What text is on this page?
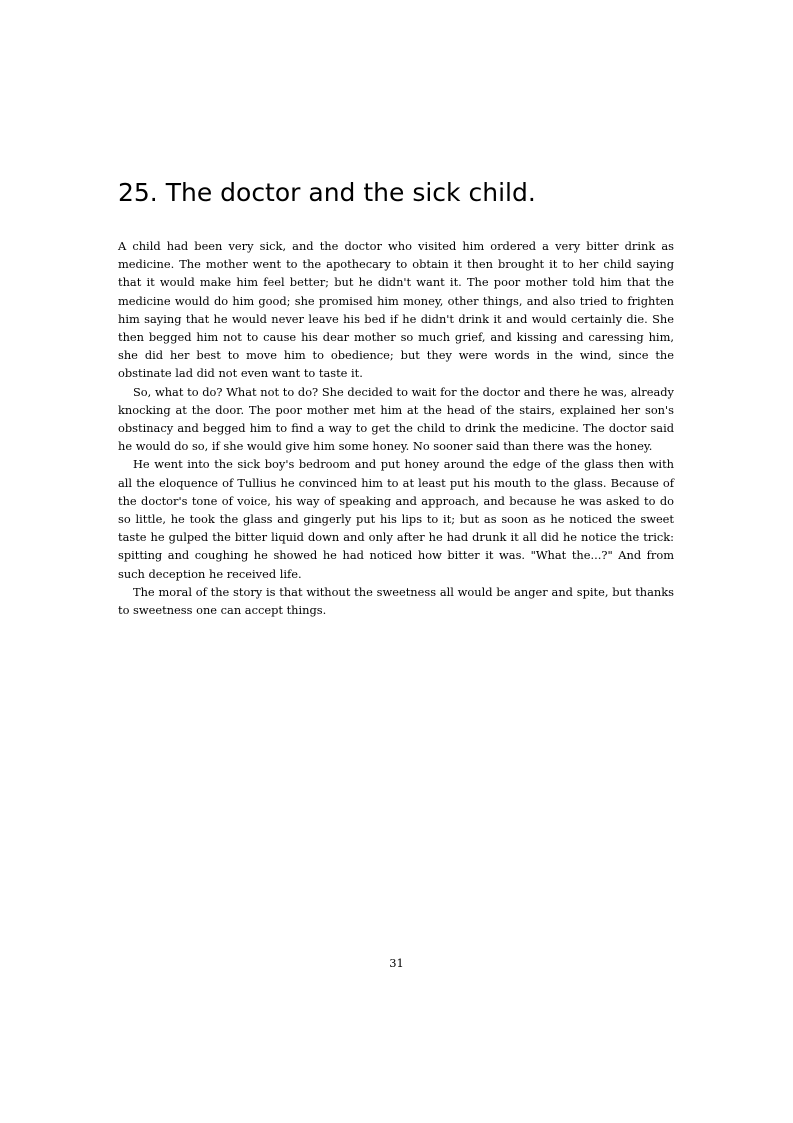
25. The doctor and the sick child.

A child had been very sick, and the doctor who visited him ordered a very bitter drink as medicine. The mother went to the apothecary to obtain it then brought it to her child saying that it would make him feel better; but he didn't want it. The poor mother told him that the medicine would do him good; she promised him money, other things, and also tried to frighten him saying that he would never leave his bed if he didn't drink it and would certainly die. She then begged him not to cause his dear mother so much grief, and kissing and caressing him, she did her best to move him to obedience; but they were words in the wind, since the obstinate lad did not even want to taste it.

So, what to do? What not to do? She decided to wait for the doctor and there he was, already knocking at the door. The poor mother met him at the head of the stairs, explained her son's obstinacy and begged him to find a way to get the child to drink the medicine. The doctor said he would do so, if she would give him some honey. No sooner said than there was the honey.

He went into the sick boy's bedroom and put honey around the edge of the glass then with all the eloquence of Tullius he convinced him to at least put his mouth to the glass. Because of the doctor's tone of voice, his way of speaking and approach, and because he was asked to do so little, he took the glass and gingerly put his lips to it; but as soon as he noticed the sweet taste he gulped the bitter liquid down and only after he had drunk it all did he notice the trick: spitting and coughing he showed he had noticed how bitter it was. "What the...?" And from such deception he received life.

The moral of the story is that without the sweetness all would be anger and spite, but thanks to sweetness one can accept things.

31
